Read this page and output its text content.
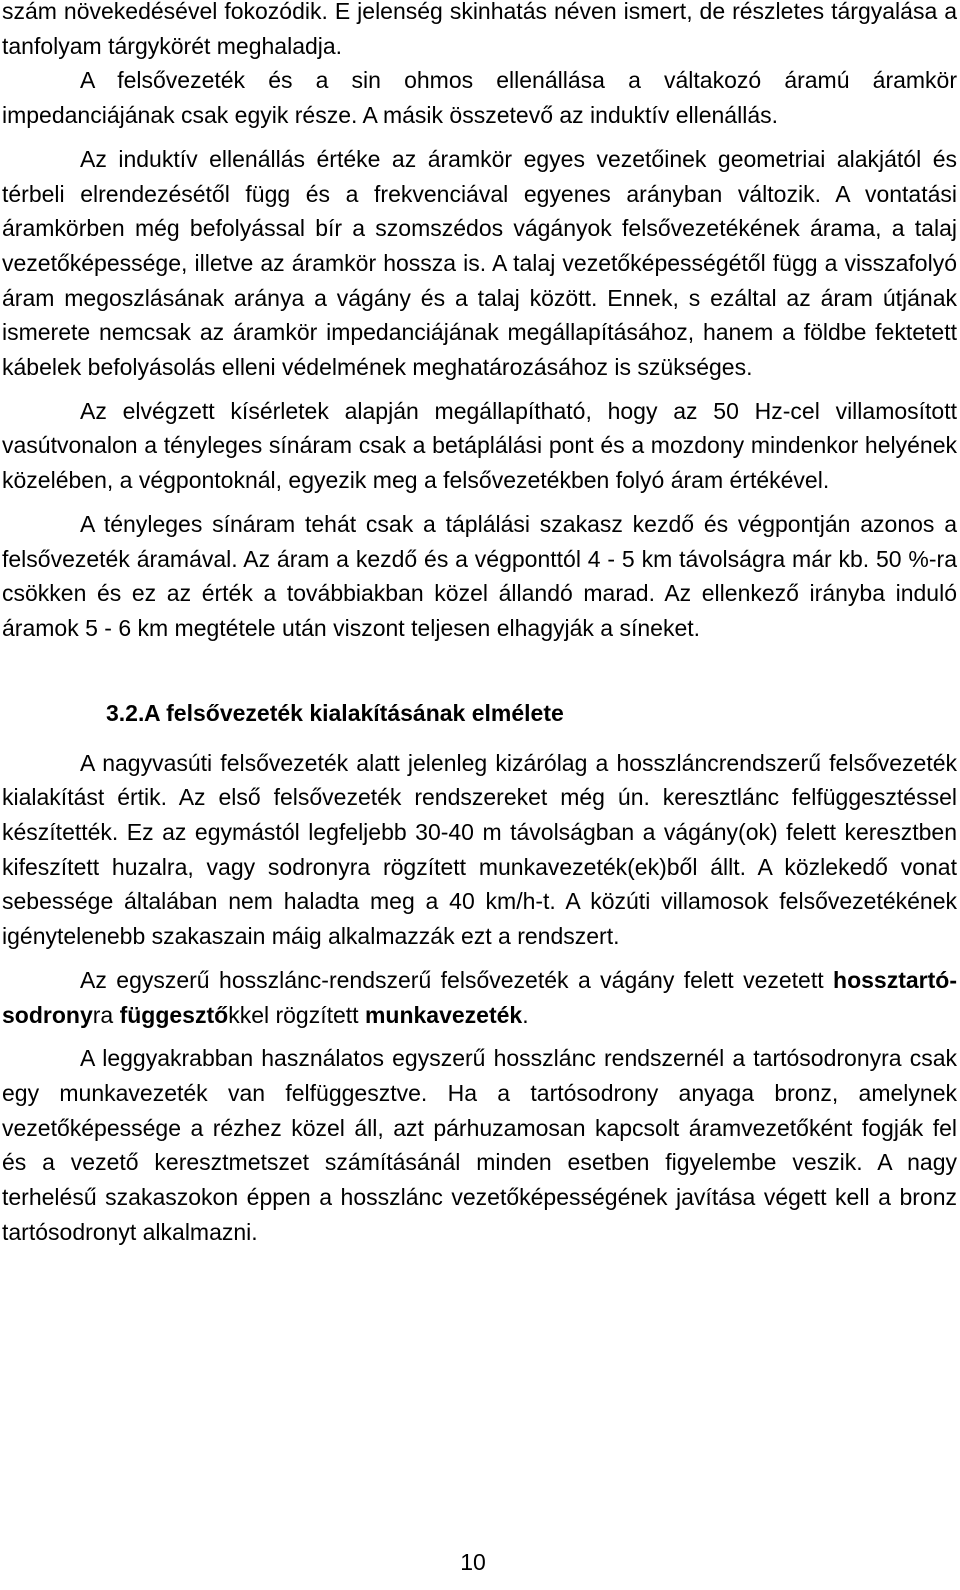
szám növekedésével fokozódik. E jelenség skinhatás néven ismert, de részletes tárgyalása a tanfolyam tárgykörét meghaladja.

A felsővezeték és a sin ohmos ellenállása a váltakozó áramú áramkör impedanciájának csak egyik része. A másik összetevő az induktív ellenállás.

Az induktív ellenállás értéke az áramkör egyes vezetőinek geometriai alakjától és térbeli elrendezésétől függ és a frekvenciával egyenes arányban változik. A vontatási áramkörben még befolyással bír a szomszédos vágányok felsővezetékének árama, a talaj vezetőképessége, illetve az áramkör hossza is. A talaj vezetőképességétől függ a visszafolyó áram megoszlásának aránya a vágány és a talaj között. Ennek, s ezáltal az áram útjának ismerete nemcsak az áramkör impedanciájának megállapításához, hanem a földbe fektetett kábelek befolyásolás elleni védelmének meghatározásához is szükséges.

Az elvégzett kísérletek alapján megállapítható, hogy az 50 Hz-cel villamosított vasútvonalon a tényleges sínáram csak a betáplálási pont és a mozdony mindenkor helyének közelében, a végpontoknál, egyezik meg a felsővezetékben folyó áram értékével.

A tényleges sínáram tehát csak a táplálási szakasz kezdő és végpontján azonos a felsővezeték áramával. Az áram a kezdő és a végponttól 4 - 5 km távolságra már kb. 50 %-ra csökken és ez az érték a továbbiakban közel állandó marad. Az ellenkező irányba induló áramok 5 - 6 km megtétele után viszont teljesen elhagyják a síneket.

3.2. A felsővezeték kialakításának elmélete

A nagyvasúti felsővezeték alatt jelenleg kizárólag a hosszláncrendszerű felsővezeték kialakítást értik. Az első felsővezeték rendszereket még ún. keresztlánc felfüggesztéssel készítették. Ez az egymástól legfeljebb 30-40 m távolságban a vágány(ok) felett keresztben kifeszített huzalra, vagy sodronyra rögzített munkavezeték(ek)ből állt. A közlekedő vonat sebessége általában nem haladta meg a 40 km/h-t. A közúti villamosok felsővezetékének igénytelenebb szakaszain máig alkalmazzák ezt a rendszert.

Az egyszerű hosszlánc-rendszerű felsővezeték a vágány felett vezetett hossztartó-sodronyra függesztőkkel rögzített munkavezeték.

A leggyakrabban használatos egyszerű hosszlánc rendszernél a tartósodronyra csak egy munkavezeték van felfüggesztve. Ha a tartósodrony anyaga bronz, amelynek vezetőképessége a rézhez közel áll, azt párhuzamosan kapcsolt áramvezetőként fogják fel és a vezető keresztmetszet számításánál minden esetben figyelembe veszik. A nagy terhelésű szakaszokon éppen a hosszlánc vezetőképességének javítása végett kell a bronz tartósodronyt alkalmazni.

10
